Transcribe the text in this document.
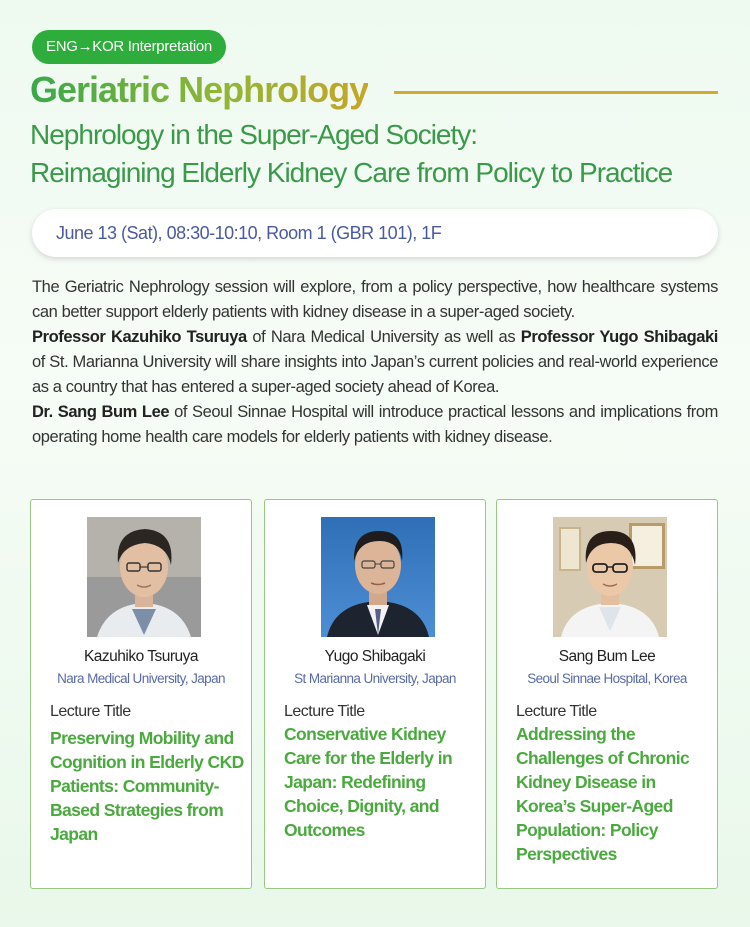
ENG→KOR Interpretation
Geriatric Nephrology
Nephrology in the Super-Aged Society:
Reimagining Elderly Kidney Care from Policy to Practice
June 13 (Sat), 08:30-10:10, Room 1 (GBR 101), 1F

The Geriatric Nephrology session will explore, from a policy perspective, how healthcare systems can better support elderly patients with kidney disease in a super-aged society.

Professor Kazuhiko Tsuruya of Nara Medical University as well as Professor Yugo Shibagaki of St. Marianna University will share insights into Japan’s current policies and real-world experience as a country that has entered a super-aged society ahead of Korea.

Dr. Sang Bum Lee of Seoul Sinnae Hospital will introduce practical lessons and implications from operating home health care models for elderly patients with kidney disease.

Kazuhiko Tsuruya
Nara Medical University, Japan
Lecture Title
Preserving Mobility and Cognition in Elderly CKD Patients: Community-Based Strategies from Japan
Yugo Shibagaki
St Marianna University, Japan
Lecture Title
Conservative Kidney Care for the Elderly in Japan: Redefining Choice, Dignity, and Outcomes
Sang Bum Lee
Seoul Sinnae Hospital, Korea
Lecture Title
Addressing the Challenges of Chronic Kidney Disease in Korea’s Super-Aged Population: Policy Perspectives
